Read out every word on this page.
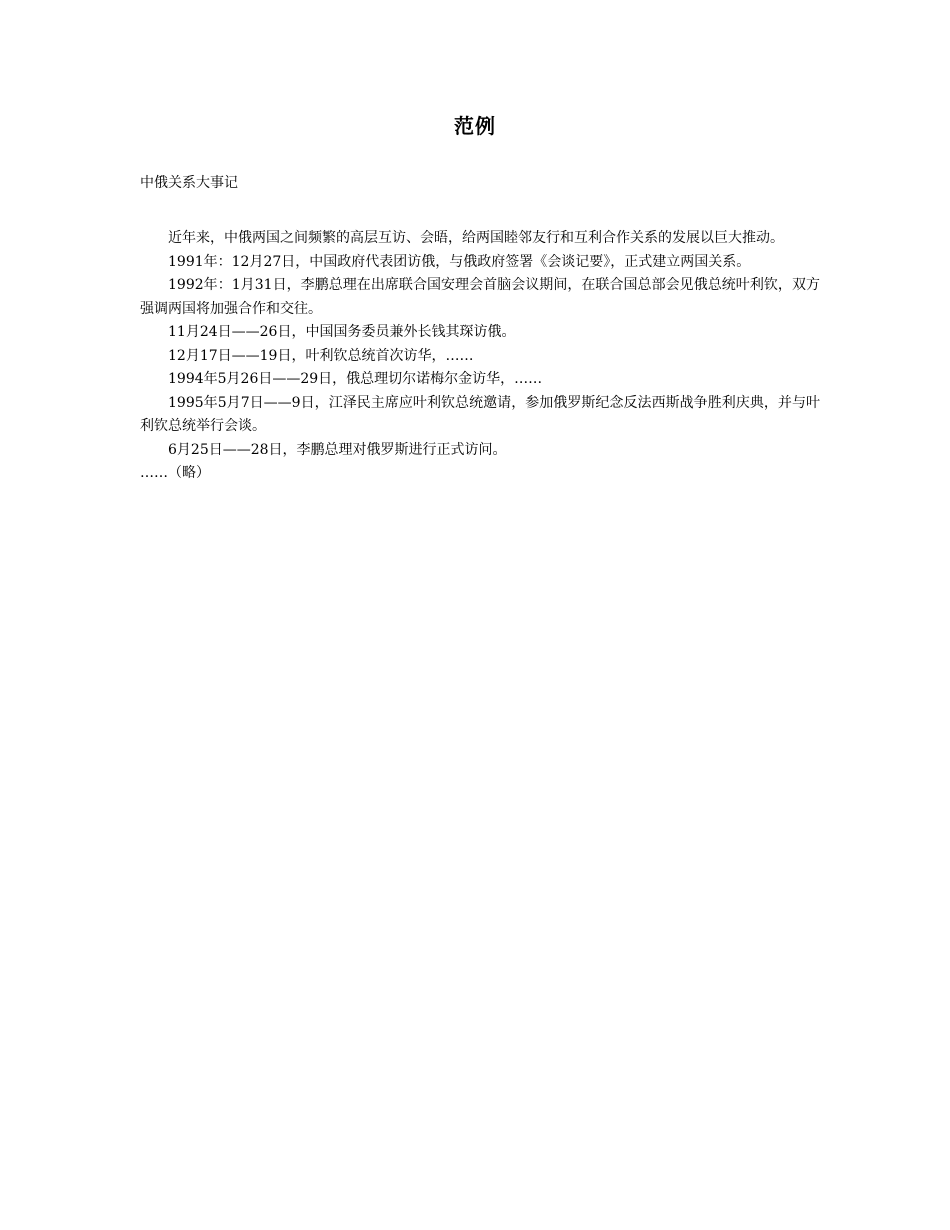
范例
中俄关系大事记

近年来，中俄两国之间频繁的高层互访、会晤，给两国睦邻友行和互利合作关系的发展以巨大推动。

1991年：12月27日，中国政府代表团访俄，与俄政府签署《会谈记要》，正式建立两国关系。

1992年：1月31日，李鹏总理在出席联合国安理会首脑会议期间，在联合国总部会见俄总统叶利钦，双方强调两国将加强合作和交往。

11月24日——26日，中国国务委员兼外长钱其琛访俄。

12月17日——19日，叶利钦总统首次访华，……

1994年5月26日——29日，俄总理切尔诺梅尔金访华，……

1995年5月7日——9日，江泽民主席应叶利钦总统邀请，参加俄罗斯纪念反法西斯战争胜利庆典，并与叶利钦总统举行会谈。

6月25日——28日，李鹏总理对俄罗斯进行正式访问。

……（略）
